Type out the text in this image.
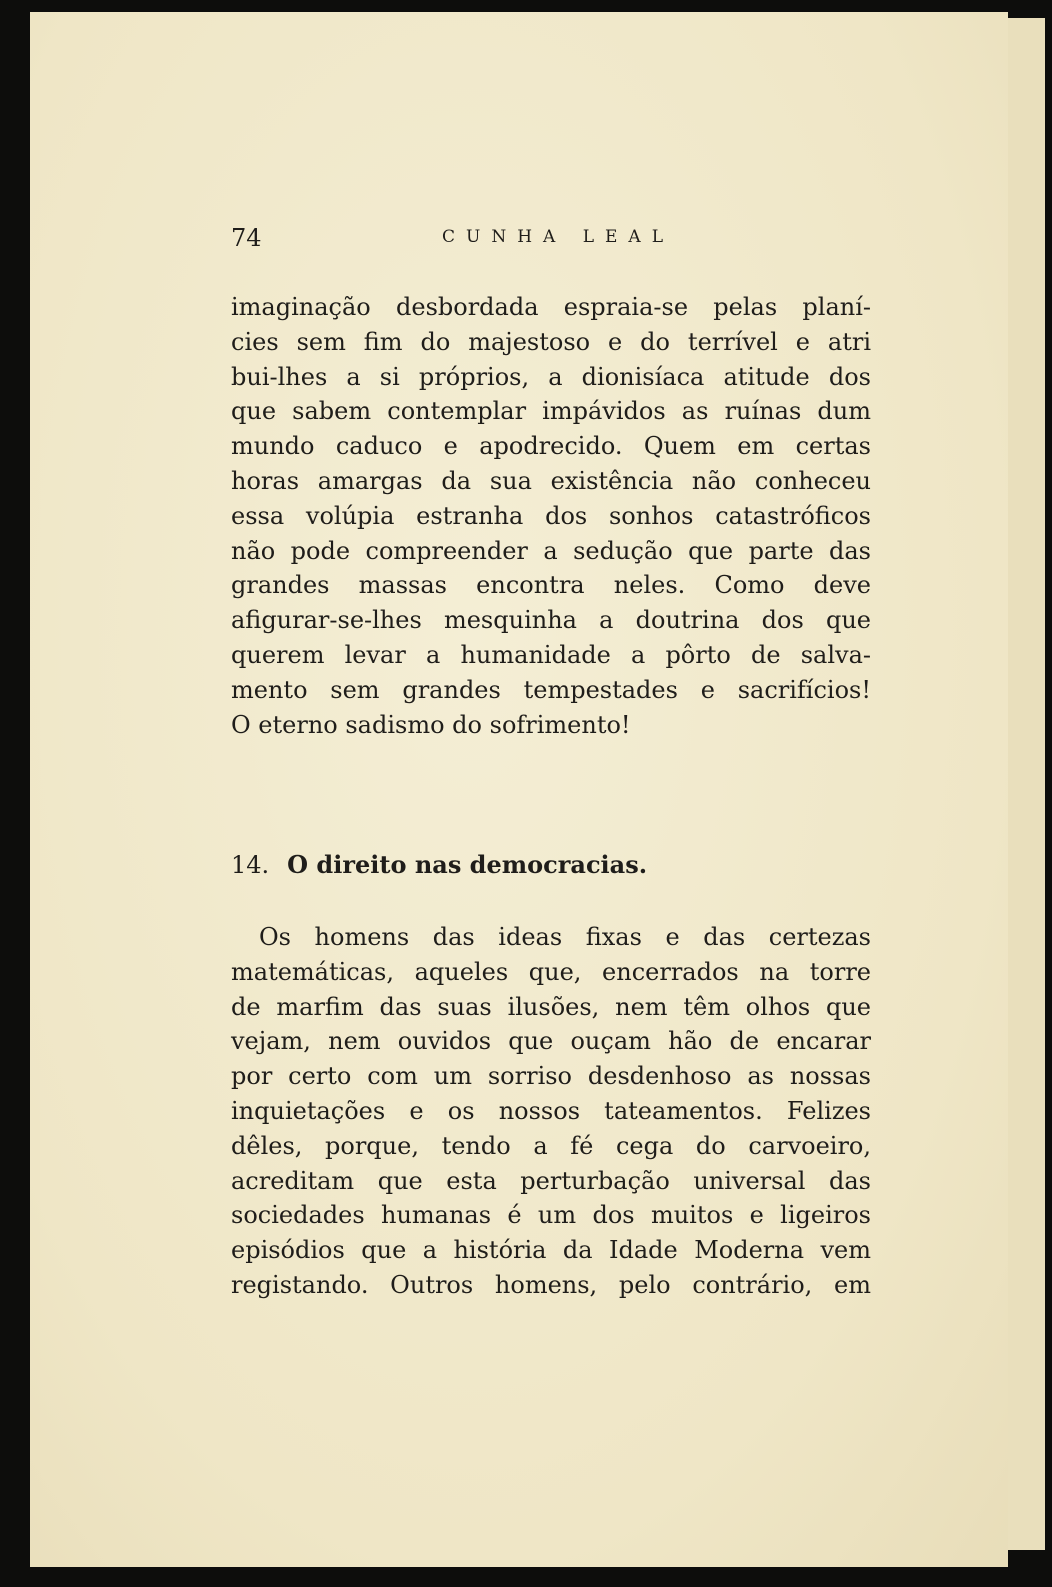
74	CUNHA LEAL
imaginação desbordada espraia-se pelas planí-
cies sem fim do majestoso e do terrível e atri
bui-lhes a si próprios, a dionisíaca atitude dos
que sabem contemplar impávidos as ruínas dum
mundo caduco e apodrecido. Quem em certas
horas amargas da sua existência não conheceu
essa volúpia estranha dos sonhos catastróficos
não pode compreender a sedução que parte das
grandes massas encontra neles. Como deve
afigurar-se-lhes mesquinha a doutrina dos que
querem levar a humanidade a pôrto de salva-
mento sem grandes tempestades e sacrifícios!
O eterno sadismo do sofrimento!
14. O direito nas democracias.
Os homens das ideas fixas e das certezas
matemáticas, aqueles que, encerrados na torre
de marfim das suas ilusões, nem têm olhos que
vejam, nem ouvidos que ouçam hão de encarar
por certo com um sorriso desdenhoso as nossas
inquietações e os nossos tateamentos. Felizes
dêles, porque, tendo a fé cega do carvoeiro,
acreditam que esta perturbação universal das
sociedades humanas é um dos muitos e ligeiros
episódios que a história da Idade Moderna vem
registando. Outros homens, pelo contrário, em
